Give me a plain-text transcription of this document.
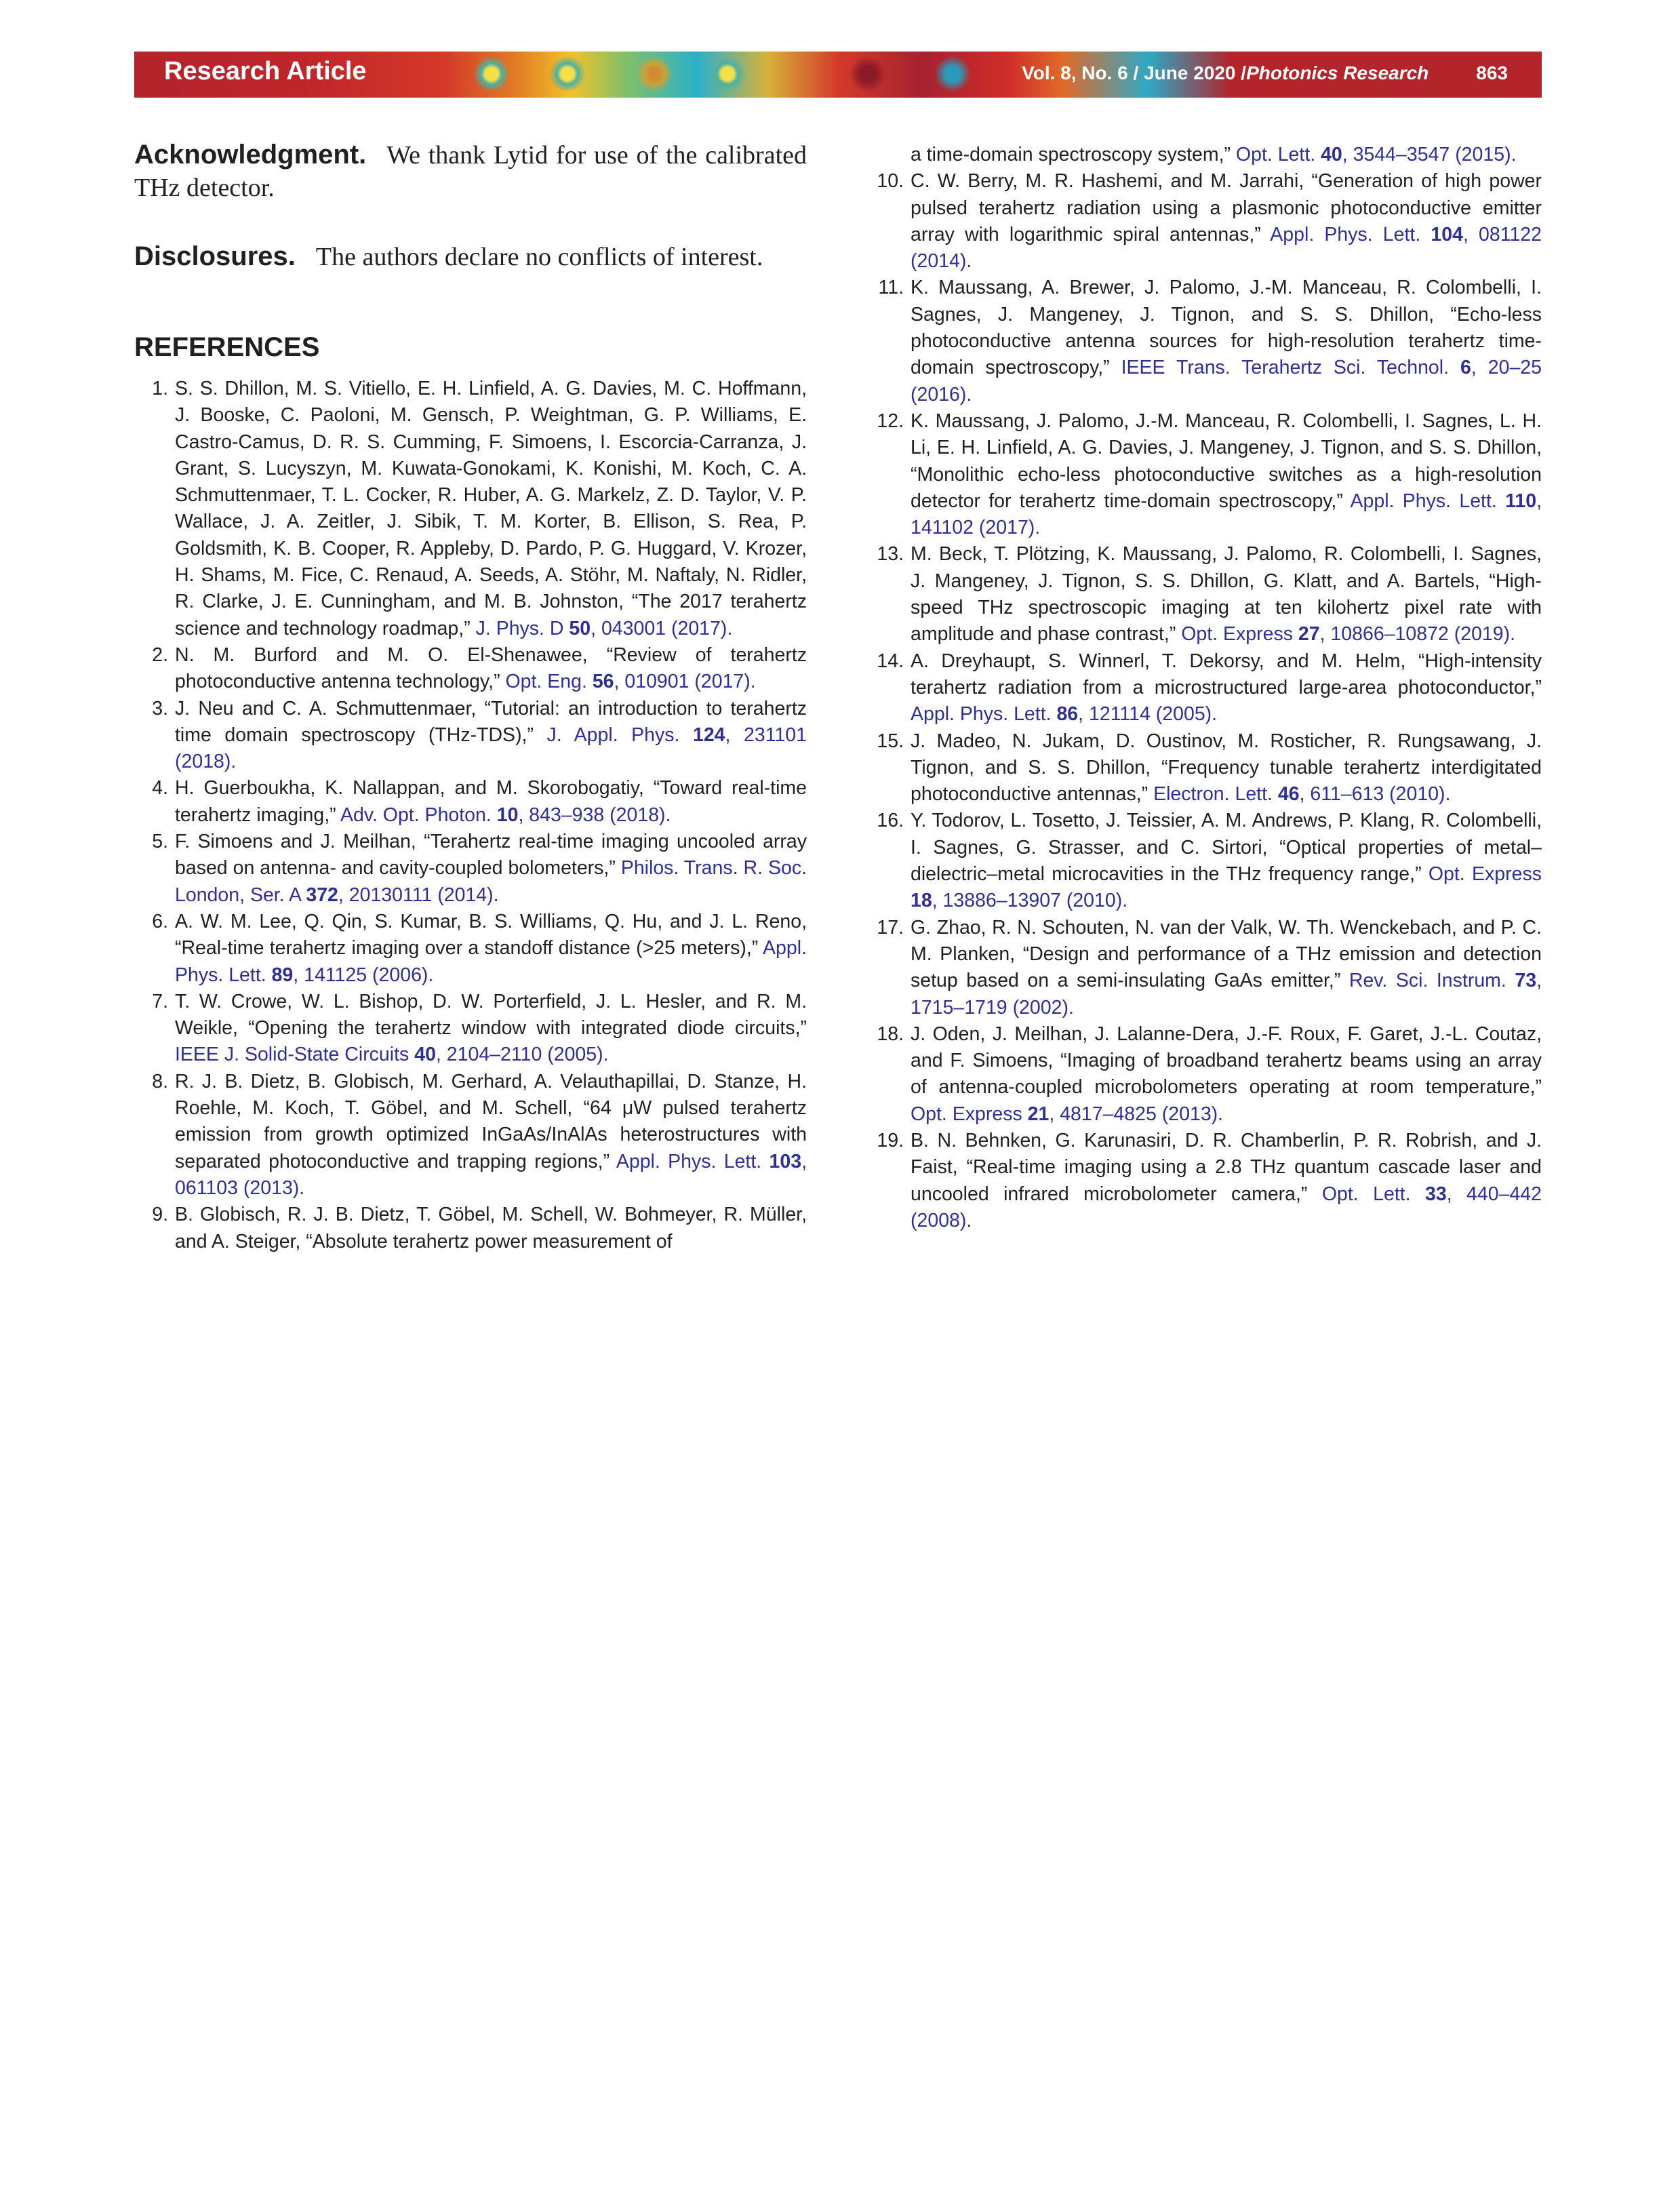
Research Article	Vol. 8, No. 6 / June 2020 / Photonics Research	863
Acknowledgment. We thank Lytid for use of the calibrated THz detector.
Disclosures. The authors declare no conflicts of interest.
REFERENCES
1. S. S. Dhillon, M. S. Vitiello, E. H. Linfield, A. G. Davies, M. C. Hoffmann, J. Booske, C. Paoloni, M. Gensch, P. Weightman, G. P. Williams, E. Castro-Camus, D. R. S. Cumming, F. Simoens, I. Escorcia-Carranza, J. Grant, S. Lucyszyn, M. Kuwata-Gonokami, K. Konishi, M. Koch, C. A. Schmuttenmaer, T. L. Cocker, R. Huber, A. G. Markelz, Z. D. Taylor, V. P. Wallace, J. A. Zeitler, J. Sibik, T. M. Korter, B. Ellison, S. Rea, P. Goldsmith, K. B. Cooper, R. Appleby, D. Pardo, P. G. Huggard, V. Krozer, H. Shams, M. Fice, C. Renaud, A. Seeds, A. Stöhr, M. Naftaly, N. Ridler, R. Clarke, J. E. Cunningham, and M. B. Johnston, “The 2017 terahertz science and technology roadmap,” J. Phys. D 50, 043001 (2017).
2. N. M. Burford and M. O. El-Shenawee, “Review of terahertz photoconductive antenna technology,” Opt. Eng. 56, 010901 (2017).
3. J. Neu and C. A. Schmuttenmaer, “Tutorial: an introduction to terahertz time domain spectroscopy (THz-TDS),” J. Appl. Phys. 124, 231101 (2018).
4. H. Guerboukha, K. Nallappan, and M. Skorobogatiy, “Toward real-time terahertz imaging,” Adv. Opt. Photon. 10, 843–938 (2018).
5. F. Simoens and J. Meilhan, “Terahertz real-time imaging uncooled array based on antenna- and cavity-coupled bolometers,” Philos. Trans. R. Soc. London, Ser. A 372, 20130111 (2014).
6. A. W. M. Lee, Q. Qin, S. Kumar, B. S. Williams, Q. Hu, and J. L. Reno, “Real-time terahertz imaging over a standoff distance (>25 meters),” Appl. Phys. Lett. 89, 141125 (2006).
7. T. W. Crowe, W. L. Bishop, D. W. Porterfield, J. L. Hesler, and R. M. Weikle, “Opening the terahertz window with integrated diode circuits,” IEEE J. Solid-State Circuits 40, 2104–2110 (2005).
8. R. J. B. Dietz, B. Globisch, M. Gerhard, A. Velauthapillai, D. Stanze, H. Roehle, M. Koch, T. Göbel, and M. Schell, “64 μW pulsed terahertz emission from growth optimized InGaAs/InAlAs heterostructures with separated photoconductive and trapping regions,” Appl. Phys. Lett. 103, 061103 (2013).
9. B. Globisch, R. J. B. Dietz, T. Göbel, M. Schell, W. Bohmeyer, R. Müller, and A. Steiger, “Absolute terahertz power measurement of
a time-domain spectroscopy system,” Opt. Lett. 40, 3544–3547 (2015).
10. C. W. Berry, M. R. Hashemi, and M. Jarrahi, “Generation of high power pulsed terahertz radiation using a plasmonic photoconductive emitter array with logarithmic spiral antennas,” Appl. Phys. Lett. 104, 081122 (2014).
11. K. Maussang, A. Brewer, J. Palomo, J.-M. Manceau, R. Colombelli, I. Sagnes, J. Mangeney, J. Tignon, and S. S. Dhillon, “Echo-less photoconductive antenna sources for high-resolution terahertz time-domain spectroscopy,” IEEE Trans. Terahertz Sci. Technol. 6, 20–25 (2016).
12. K. Maussang, J. Palomo, J.-M. Manceau, R. Colombelli, I. Sagnes, L. H. Li, E. H. Linfield, A. G. Davies, J. Mangeney, J. Tignon, and S. S. Dhillon, “Monolithic echo-less photoconductive switches as a high-resolution detector for terahertz time-domain spectroscopy,” Appl. Phys. Lett. 110, 141102 (2017).
13. M. Beck, T. Plötzing, K. Maussang, J. Palomo, R. Colombelli, I. Sagnes, J. Mangeney, J. Tignon, S. S. Dhillon, G. Klatt, and A. Bartels, “High-speed THz spectroscopic imaging at ten kilohertz pixel rate with amplitude and phase contrast,” Opt. Express 27, 10866–10872 (2019).
14. A. Dreyhaupt, S. Winnerl, T. Dekorsy, and M. Helm, “High-intensity terahertz radiation from a microstructured large-area photoconductor,” Appl. Phys. Lett. 86, 121114 (2005).
15. J. Madeo, N. Jukam, D. Oustinov, M. Rosticher, R. Rungsawang, J. Tignon, and S. S. Dhillon, “Frequency tunable terahertz interdigitated photoconductive antennas,” Electron. Lett. 46, 611–613 (2010).
16. Y. Todorov, L. Tosetto, J. Teissier, A. M. Andrews, P. Klang, R. Colombelli, I. Sagnes, G. Strasser, and C. Sirtori, “Optical properties of metal–dielectric–metal microcavities in the THz frequency range,” Opt. Express 18, 13886–13907 (2010).
17. G. Zhao, R. N. Schouten, N. van der Valk, W. Th. Wenckebach, and P. C. M. Planken, “Design and performance of a THz emission and detection setup based on a semi-insulating GaAs emitter,” Rev. Sci. Instrum. 73, 1715–1719 (2002).
18. J. Oden, J. Meilhan, J. Lalanne-Dera, J.-F. Roux, F. Garet, J.-L. Coutaz, and F. Simoens, “Imaging of broadband terahertz beams using an array of antenna-coupled microbolometers operating at room temperature,” Opt. Express 21, 4817–4825 (2013).
19. B. N. Behnken, G. Karunasiri, D. R. Chamberlin, P. R. Robrish, and J. Faist, “Real-time imaging using a 2.8 THz quantum cascade laser and uncooled infrared microbolometer camera,” Opt. Lett. 33, 440–442 (2008).
